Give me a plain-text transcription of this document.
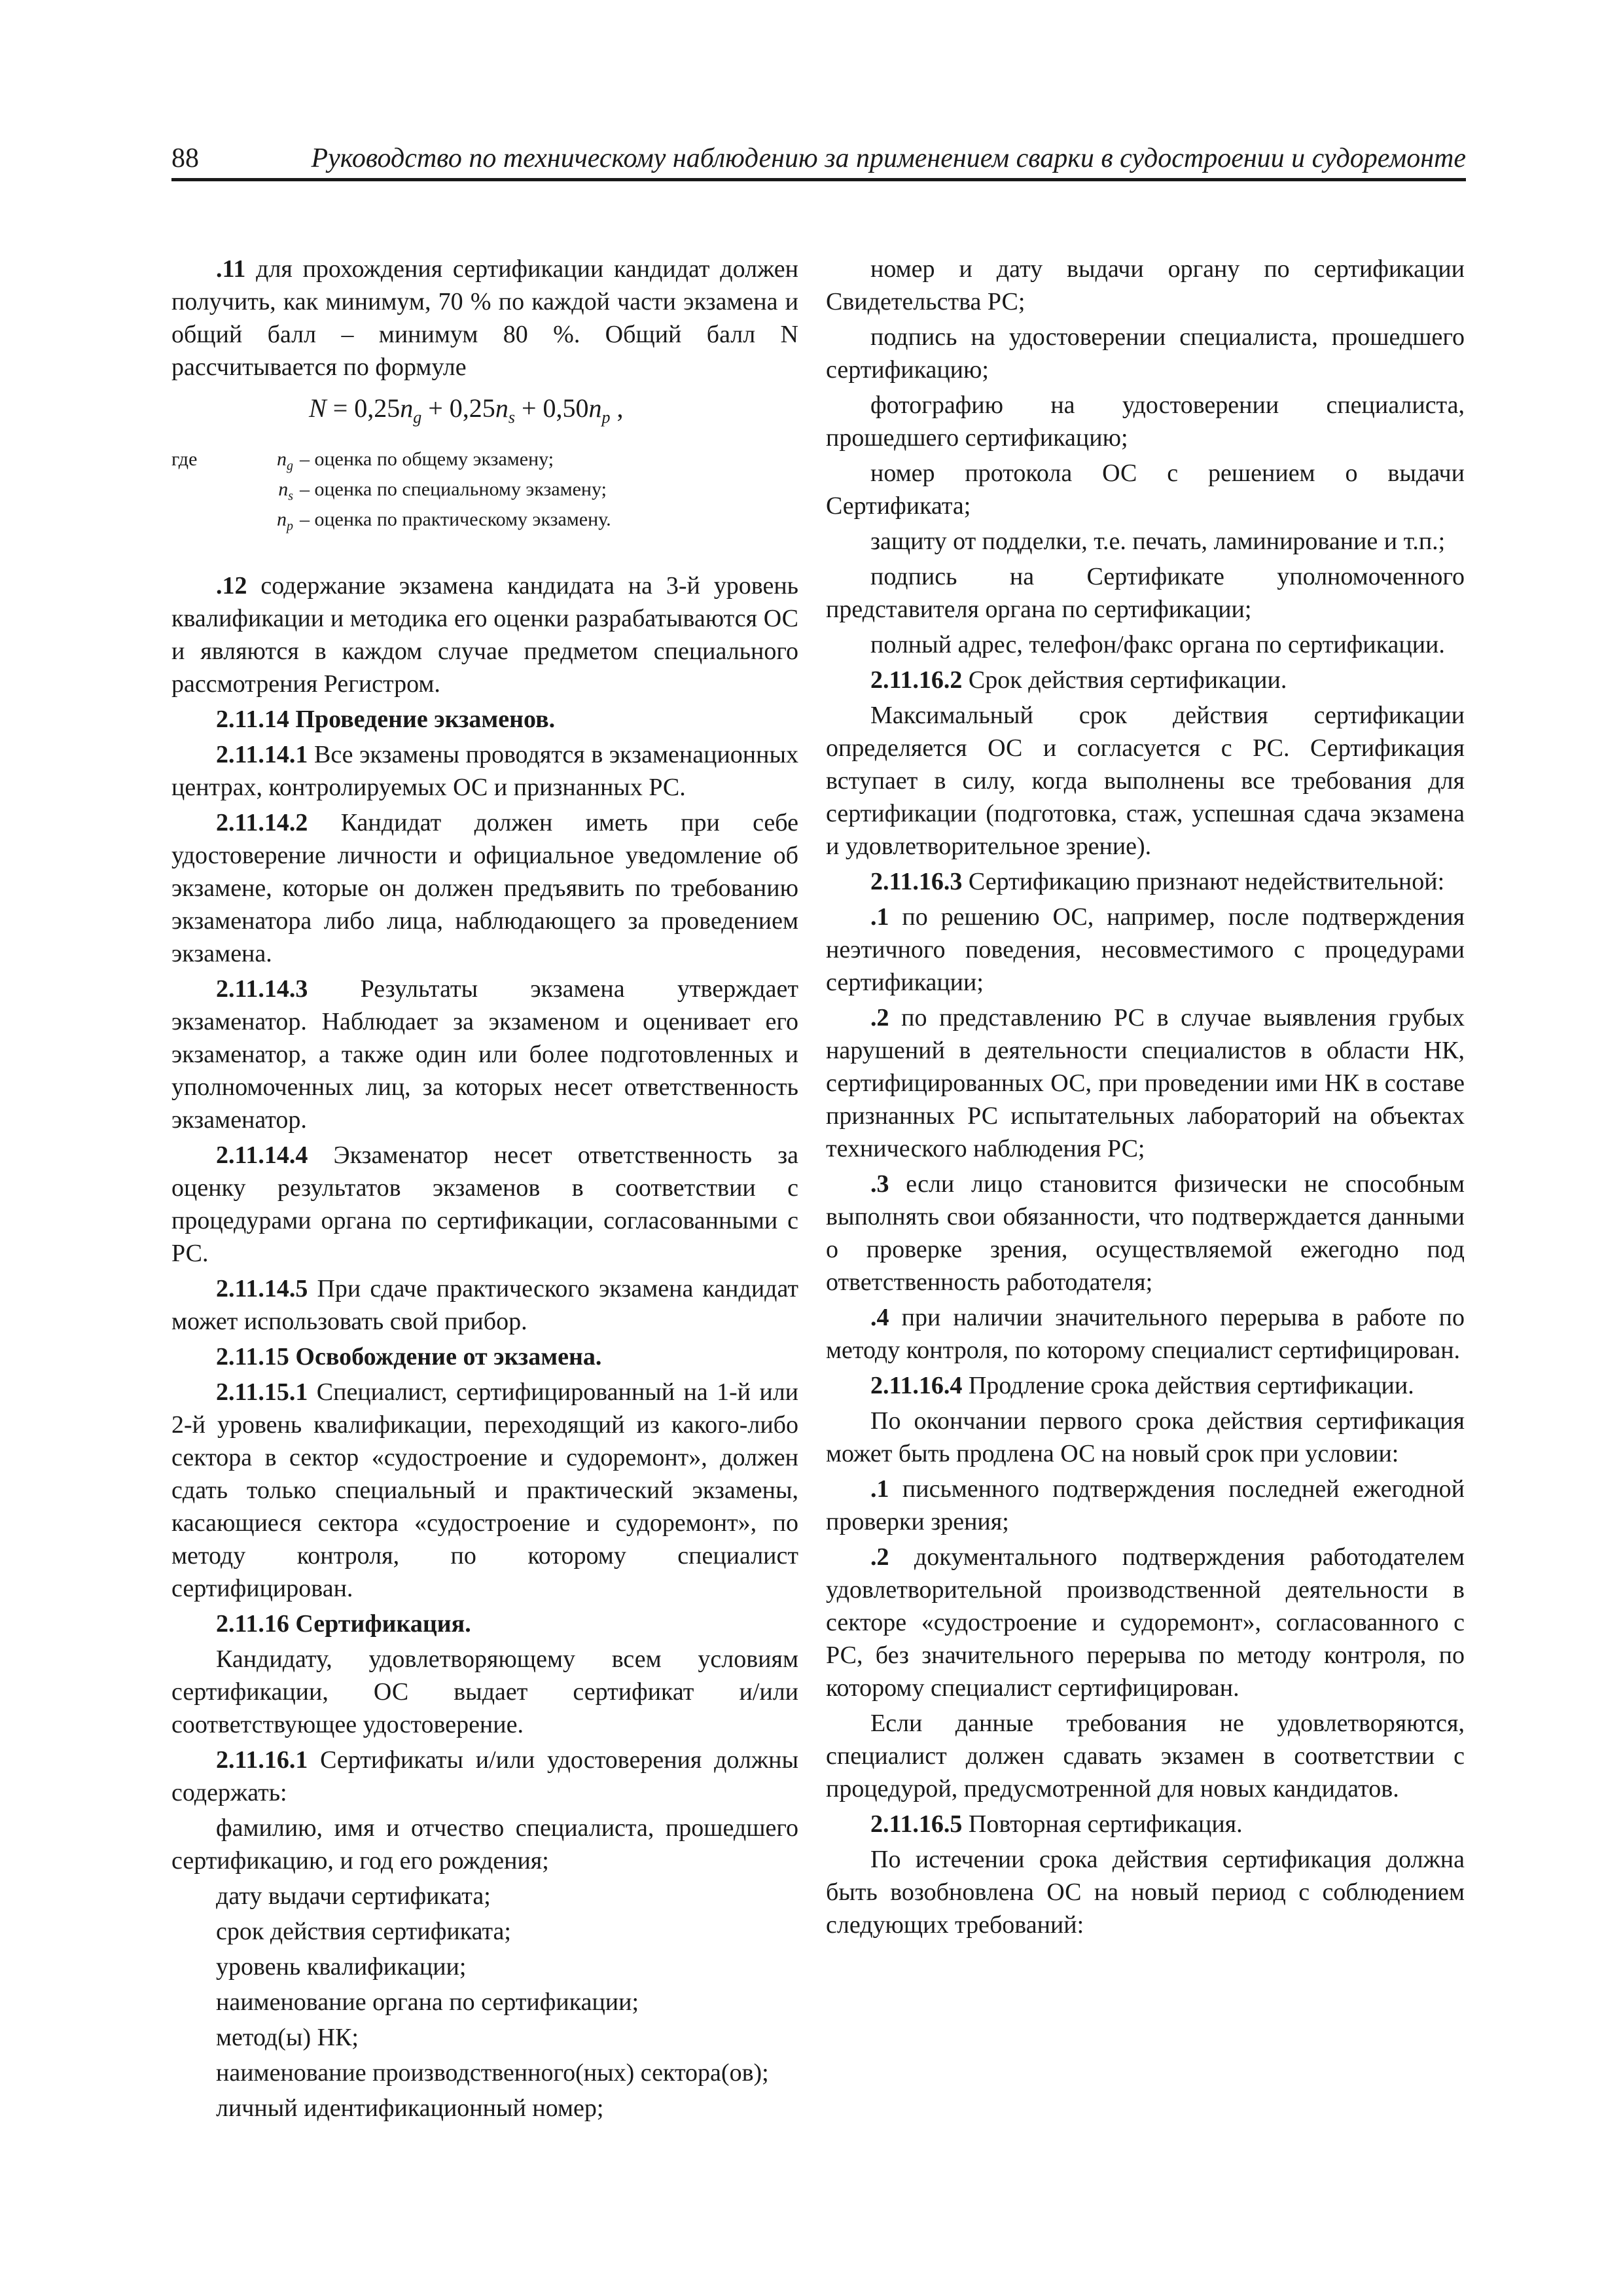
88	Руководство по техническому наблюдению за применением сварки в судостроении и судоремонте

.11 для прохождения сертификации кандидат должен получить, как минимум, 70 % по каждой части экзамена и общий балл – минимум 80 %. Общий балл N рассчитывается по формуле

$N = 0,25n_g + 0,25n_s + 0,50n_p$ ,
где	$n_g$ – оценка по общему экзамену;
$n_s$ – оценка по специальному экзамену;
$n_p$ – оценка по практическому экзамену.

.12 содержание экзамена кандидата на 3-й уровень квалификации и методика его оценки разрабатываются ОС и являются в каждом случае предметом специального рассмотрения Регистром.

2.11.14 Проведение экзаменов.

2.11.14.1 Все экзамены проводятся в экзаменационных центрах, контролируемых ОС и признанных РС.

2.11.14.2 Кандидат должен иметь при себе удостоверение личности и официальное уведомление об экзамене, которые он должен предъявить по требованию экзаменатора либо лица, наблюдающего за проведением экзамена.

2.11.14.3 Результаты экзамена утверждает экзаменатор. Наблюдает за экзаменом и оценивает его экзаменатор, а также один или более подготовленных и уполномоченных лиц, за которых несет ответственность экзаменатор.

2.11.14.4 Экзаменатор несет ответственность за оценку результатов экзаменов в соответствии с процедурами органа по сертификации, согласованными с РС.

2.11.14.5 При сдаче практического экзамена кандидат может использовать свой прибор.

2.11.15 Освобождение от экзамена.

2.11.15.1 Специалист, сертифицированный на 1-й или 2-й уровень квалификации, переходящий из какого-либо сектора в сектор «судостроение и судоремонт», должен сдать только специальный и практический экзамены, касающиеся сектора «судостроение и судоремонт», по методу контроля, по которому специалист сертифицирован.

2.11.16 Сертификация.

Кандидату, удовлетворяющему всем условиям сертификации, ОС выдает сертификат и/или соответствующее удостоверение.

2.11.16.1 Сертификаты и/или удостоверения должны содержать:

фамилию, имя и отчество специалиста, прошедшего сертификацию, и год его рождения;

дату выдачи сертификата;

срок действия сертификата;

уровень квалификации;

наименование органа по сертификации;

метод(ы) НК;

наименование производственного(ных) сектора(ов);

личный идентификационный номер;

номер и дату выдачи органу по сертификации Свидетельства РС;

подпись на удостоверении специалиста, прошедшего сертификацию;

фотографию на удостоверении специалиста, прошедшего сертификацию;

номер протокола ОС с решением о выдачи Сертификата;

защиту от подделки, т.е. печать, ламинирование и т.п.;

подпись на Сертификате уполномоченного представителя органа по сертификации;

полный адрес, телефон/факс органа по сертификации.

2.11.16.2 Срок действия сертификации.

Максимальный срок действия сертификации определяется ОС и согласуется с РС. Сертификация вступает в силу, когда выполнены все требования для сертификации (подготовка, стаж, успешная сдача экзамена и удовлетворительное зрение).

2.11.16.3 Сертификацию признают недействительной:

.1 по решению ОС, например, после подтверждения неэтичного поведения, несовместимого с процедурами сертификации;

.2 по представлению РС в случае выявления грубых нарушений в деятельности специалистов в области НК, сертифицированных ОС, при проведении ими НК в составе признанных РС испытательных лабораторий на объектах технического наблюдения РС;

.3 если лицо становится физически не способным выполнять свои обязанности, что подтверждается данными о проверке зрения, осуществляемой ежегодно под ответственность работодателя;

.4 при наличии значительного перерыва в работе по методу контроля, по которому специалист сертифицирован.

2.11.16.4 Продление срока действия сертификации.

По окончании первого срока действия сертификация может быть продлена ОС на новый срок при условии:

.1 письменного подтверждения последней ежегодной проверки зрения;

.2 документального подтверждения работодателем удовлетворительной производственной деятельности в секторе «судостроение и судоремонт», согласованного с РС, без значительного перерыва по методу контроля, по которому специалист сертифицирован.

Если данные требования не удовлетворяются, специалист должен сдавать экзамен в соответствии с процедурой, предусмотренной для новых кандидатов.

2.11.16.5 Повторная сертификация.

По истечении срока действия сертификация должна быть возобновлена ОС на новый период с соблюдением следующих требований:
